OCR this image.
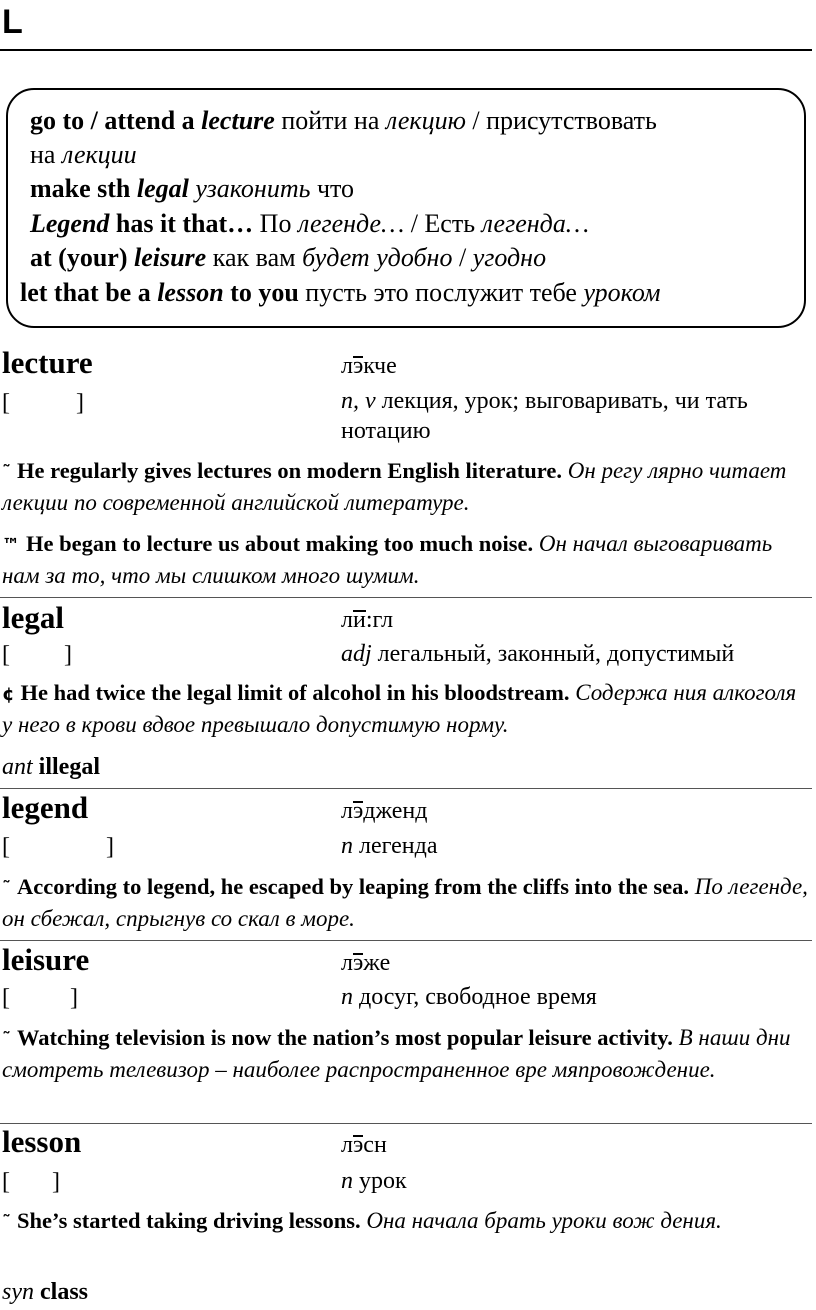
L
go to / attend a lecture пойти на лекцию / присутствовать
на лекции
make sth legal узаконить что
Legend has it that… По легенде… / Есть легенда…
at (your) leisure как вам будет удобно / угодно
let that be a lesson to you пусть это послужит тебе уроком
lecture	лэкче
[           ]	n, v лекция, урок; выговаривать, чи тать нотацию
˜ He regularly gives lectures on modern English literature. Он регу лярно читает лекции по современной английской литературе.
™ He began to lecture us about making too much noise. Он начал выговаривать нам за то, что мы слишком много шумим.
legal	ли:гл
[         ]	adj легальный, законный, допустимый
¢ He had twice the legal limit of alcohol in his bloodstream. Содержа ния алкоголя у него в крови вдвое превышало допустимую норму.
ant illegal
legend	лэдженд
[                ]	n легенда
˜ According to legend, he escaped by leaping from the cliffs into the sea. По легенде, он сбежал, спрыгнув со скал в море.
leisure	лэже
[          ]	n досуг, свободное время
˜ Watching television is now the nation’s most popular leisure activity. В наши дни смотреть телевизор – наиболее распространенное вре мяпровождение.
lesson	лэсн
[       ]	n урок
˜ She’s started taking driving lessons. Она начала брать уроки вож дения.
syn class
